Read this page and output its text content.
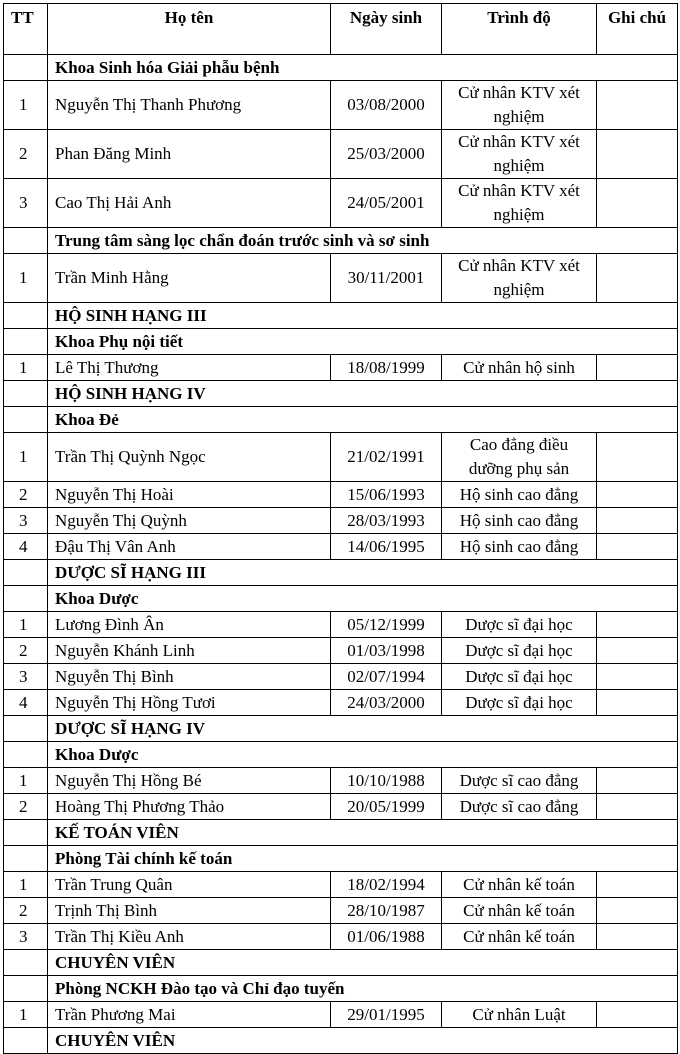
TT	Họ tên	Ngày sinh	Trình độ	Ghi chú
	Khoa Sinh hóa Giải phẫu bệnh			
1	Nguyễn Thị Thanh Phương	03/08/2000	Cử nhân KTV xét nghiệm	
2	Phan Đăng Minh	25/03/2000	Cử nhân KTV xét nghiệm	
3	Cao Thị Hải Anh	24/05/2001	Cử nhân KTV xét nghiệm	
	Trung tâm sàng lọc chẩn đoán trước sinh và sơ sinh			
1	Trần Minh Hằng	30/11/2001	Cử nhân KTV xét nghiệm	
	HỘ SINH HẠNG III			
	Khoa Phụ nội tiết			
1	Lê Thị Thương	18/08/1999	Cử nhân hộ sinh	
	HỘ SINH HẠNG IV			
	Khoa Đẻ			
1	Trần Thị Quỳnh Ngọc	21/02/1991	Cao đẳng điều dưỡng phụ sản	
2	Nguyễn Thị Hoài	15/06/1993	Hộ sinh cao đẳng	
3	Nguyễn Thị Quỳnh	28/03/1993	Hộ sinh cao đẳng	
4	Đậu Thị Vân Anh	14/06/1995	Hộ sinh cao đẳng	
	DƯỢC SĨ HẠNG III			
	Khoa Dược			
1	Lương Đình Ân	05/12/1999	Dược sĩ đại học	
2	Nguyễn Khánh Linh	01/03/1998	Dược sĩ đại học	
3	Nguyễn Thị Bình	02/07/1994	Dược sĩ đại học	
4	Nguyễn Thị Hồng Tươi	24/03/2000	Dược sĩ đại học	
	DƯỢC SĨ HẠNG IV			
	Khoa Dược			
1	Nguyễn Thị Hồng Bé	10/10/1988	Dược sĩ cao đẳng	
2	Hoàng Thị Phương Thảo	20/05/1999	Dược sĩ cao đẳng	
	KẾ TOÁN VIÊN			
	Phòng Tài chính kế toán			
1	Trần Trung Quân	18/02/1994	Cử nhân kế toán	
2	Trịnh Thị Bình	28/10/1987	Cử nhân kế toán	
3	Trần Thị Kiều Anh	01/06/1988	Cử nhân kế toán	
	CHUYÊN VIÊN			
	Phòng NCKH Đào tạo và Chỉ đạo tuyến			
1	Trần Phương Mai	29/01/1995	Cử nhân Luật	
	CHUYÊN VIÊN			
